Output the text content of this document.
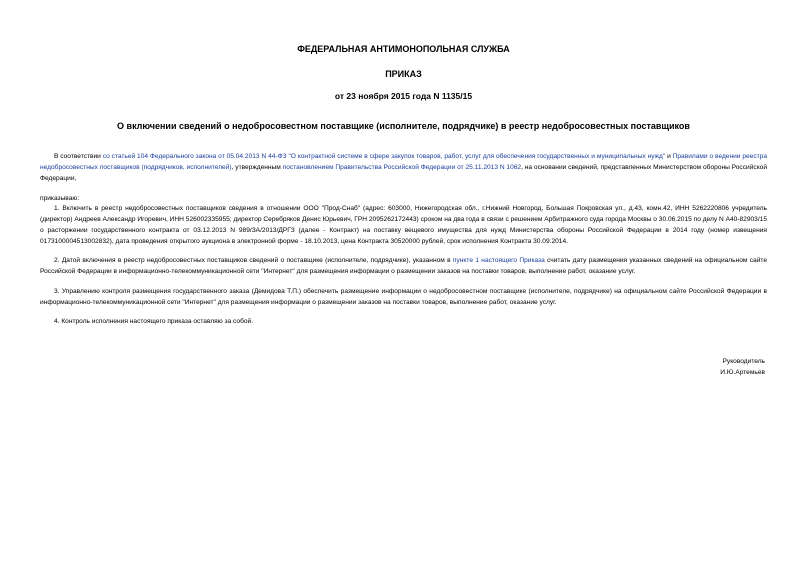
ФЕДЕРАЛЬНАЯ АНТИМОНОПОЛЬНАЯ СЛУЖБА
ПРИКАЗ
от 23 ноября 2015 года N 1135/15
О включении сведений о недобросовестном поставщике (исполнителе, подрядчике) в реестр недобросовестных поставщиков
В соответствии со статьей 104 Федерального закона от 05.04.2013 N 44-ФЗ "О контрактной системе в сфере закупок товаров, работ, услуг для обеспечения государственных и муниципальных нужд" и Правилами о ведении реестра недобросовестных поставщиков (подрядчиков, исполнителей), утвержденным постановлением Правительства Российской Федерации от 25.11.2013 N 1062, на основании сведений, представленных Министерством обороны Российской Федерации,
приказываю:
1. Включить в реестр недобросовестных поставщиков сведения в отношении ООО "Прод-Снаб" (адрес: 603000, Нижегородская обл., г.Нижний Новгород, Большая Покровская ул., д.43, комн.42, ИНН 5262220806 учредитель (директор) Андреев Александр Игоревич, ИНН 526002335955; директор Серебряков Денис Юрьевич, ГРН 2095262172443) сроком на два года в связи с решением Арбитражного суда города Москвы о 30.06.2015 по делу N А40-82903/15 о расторжении государственного контракта от 03.12.2013 N 989/ЗА/2013/ДРГЗ (далее - Контракт) на поставку вещевого имущества для нужд Министерства обороны Российской Федерации в 2014 году (номер извещения 0173100004513002832), дата проведения открытого аукциона в электронной форме - 18.10.2013, цена Контракта 30520000 рублей, срок исполнения Контракта 30.09.2014.
2. Датой включения в реестр недобросовестных поставщиков сведений о поставщике (исполнителе, подрядчике), указанном в пункте 1 настоящего Приказа считать дату размещения указанных сведений на официальном сайте Российской Федерации в информационно-телекоммуникационной сети "Интернет" для размещения информации о размещении заказов на поставки товаров, выполнение работ, оказание услуг.
3. Управлению контроля размещения государственного заказа (Демидова Т.П.) обеспечить размещение информации о недобросовестном поставщике (исполнителе, подрядчике) на официальном сайте Российской Федерации в информационно-телекоммуникационной сети "Интернет" для размещения информации о размещении заказов на поставки товаров, выполнение работ, оказание услуг.
4. Контроль исполнения настоящего приказа оставляю за собой.
Руководитель
И.Ю.Артемьев
